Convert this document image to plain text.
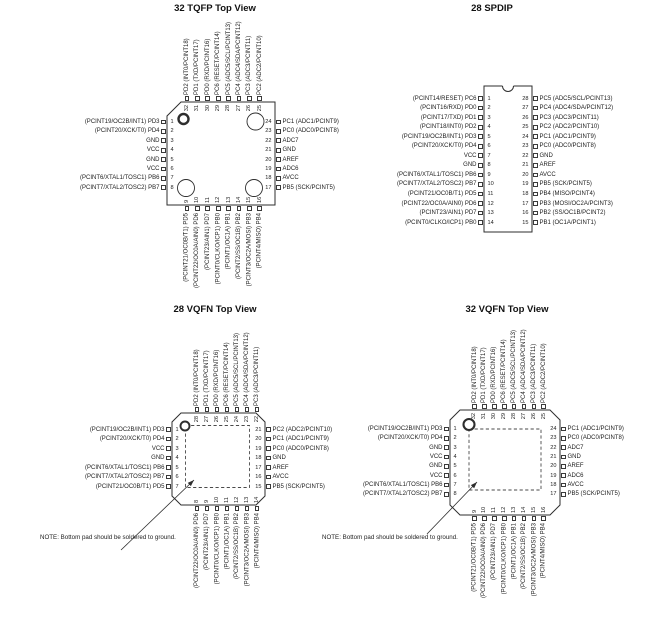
32 TQFP Top View	28 SPDIP
28 VQFN Top View	32 VQFN Top View
NOTE: Bottom pad should be soldered to ground.	NOTE: Bottom pad should be soldered to ground.
32
PD2 (INT0/PCINT18)
31
PD1 (TXD/PCINT17)
30
PD0 (RXD/PCINT16)
29
PC6 (RESET/PCINT14)
28
PC5 (ADC5/SCL/PCINT13)
27
PC4 (ADC4/SDA/PCINT12)
26
PC3 (ADC3/PCINT11)
25
PC2 (ADC2/PCINT10)
9
(PCINT21/OC0B/T1) PD5
10
(PCINT22/OC0A/AIN0) PD6
11
(PCINT23/AIN1) PD7
12
(PCINT0/CLKO/ICP1) PB0
13
(PCINT1/OC1A) PB1
14
(PCINT2/SS/OC1B) PB2
15
(PCINT3/OC2A/MOSI) PB3
16
(PCINT4/MISO) PB4
1
(PCINT19/OC2B/INT1) PD3
2
(PCINT20/XCK/T0) PD4
3
GND
4
VCC
5
GND
6
VCC
7
(PCINT6/XTAL1/TOSC1) PB6
8
(PCINT7/XTAL2/TOSC2) PB7
24 PC1 (ADC1/PCINT9)
23 PC0 (ADC0/PCINT8)
22 ADC7
21 GND
20 AREF
19 ADC6
18 AVCC
17 PB5 (SCK/PCINT5)
1
(PCINT14/RESET) PC6
2
(PCINT16/RXD) PD0
3
(PCINT17/TXD) PD1
4
(PCINT18/INT0) PD2
5
(PCINT19/OC2B/INT1) PD3
6
(PCINT20/XCK/T0) PD4
7
VCC
8
GND
9
(PCINT6/XTAL1/TOSC1) PB6
10
(PCINT7/XTAL2/TOSC2) PB7
11
(PCINT21/OC0B/T1) PD5
12
(PCINT22/OC0A/AIN0) PD6
13
(PCINT23/AIN1) PD7
14
(PCINT0/CLKO/ICP1) PB0
28 PC5 (ADC5/SCL/PCINT13)
27 PC4 (ADC4/SDA/PCINT12)
26 PC3 (ADC3/PCINT11)
25 PC2 (ADC2/PCINT10)
24 PC1 (ADC1/PCINT9)
23 PC0 (ADC0/PCINT8)
22 GND
21 AREF
20 AVCC
19 PB5 (SCK/PCINT5)
18 PB4 (MISO/PCINT4)
17 PB3 (MOSI/OC2A/PCINT3)
16 PB2 (SS/OC1B/PCINT2)
15 PB1 (OC1A/PCINT1)
28
PD2 (INT0/PCINT18)
27
PD1 (TXD/PCINT17)
26
PD0 (RXD/PCINT16)
25
PC6 (RESET/PCINT14)
24
PC5 (ADC5/SCL/PCINT13)
23
PC4 (ADC4/SDA/PCINT12)
22
PC3 (ADC3/PCINT11)
8
(PCINT22/OC0A/AIN0) PD6
9
(PCINT23/AIN1) PD7
10
(PCINT0/CLKO/ICP1) PB0
11
(PCINT1/OC1A) PB1
12
(PCINT2/SS/OC1B) PB2
13
(PCINT3/OC2A/MOSI) PB3
14
(PCINT4/MISO) PB4
1
(PCINT19/OC2B/INT1) PD3
2
(PCINT20/XCK/T0) PD4
3
VCC
4
GND
5
(PCINT6/XTAL1/TOSC1) PB6
6
(PCINT7/XTAL2/TOSC2) PB7
7
(PCINT21/OC0B/T1) PD5
21 PC2 (ADC2/PCINT10)
20 PC1 (ADC1/PCINT9)
19 PC0 (ADC0/PCINT8)
18 GND
17 AREF
16 AVCC
15 PB5 (SCK/PCINT5)
32
PD2 (INT0/PCINT18)
31
PD1 (TXD/PCINT17)
30
PD0 (RXD/PCINT16)
29
PC6 (RESET/PCINT14)
28
PC5 (ADC5/SCL/PCINT13)
27
PC4 (ADC4/SDA/PCINT12)
26
PC3 (ADC3/PCINT11)
25
PC2 (ADC2/PCINT10)
9
(PCINT21/OC0B/T1) PD5
10
(PCINT22/OC0A/AIN0) PD6
11
(PCINT23/AIN1) PD7
12
(PCINT0/CLKO/ICP1) PB0
13
(PCINT1/OC1A) PB1
14
(PCINT2/SS/OC1B) PB2
15
(PCINT3/OC2A/MOSI) PB3
16
(PCINT4/MISO) PB4
1
(PCINT19/OC2B/INT1) PD3
2
(PCINT20/XCK/T0) PD4
3
GND
4
VCC
5
GND
6
VCC
7
(PCINT6/XTAL1/TOSC1) PB6
8
(PCINT7/XTAL2/TOSC2) PB7
24 PC1 (ADC1/PCINT9)
23 PC0 (ADC0/PCINT8)
22 ADC7
21 GND
20 AREF
19 ADC6
18 AVCC
17 PB5 (SCK/PCINT5)
